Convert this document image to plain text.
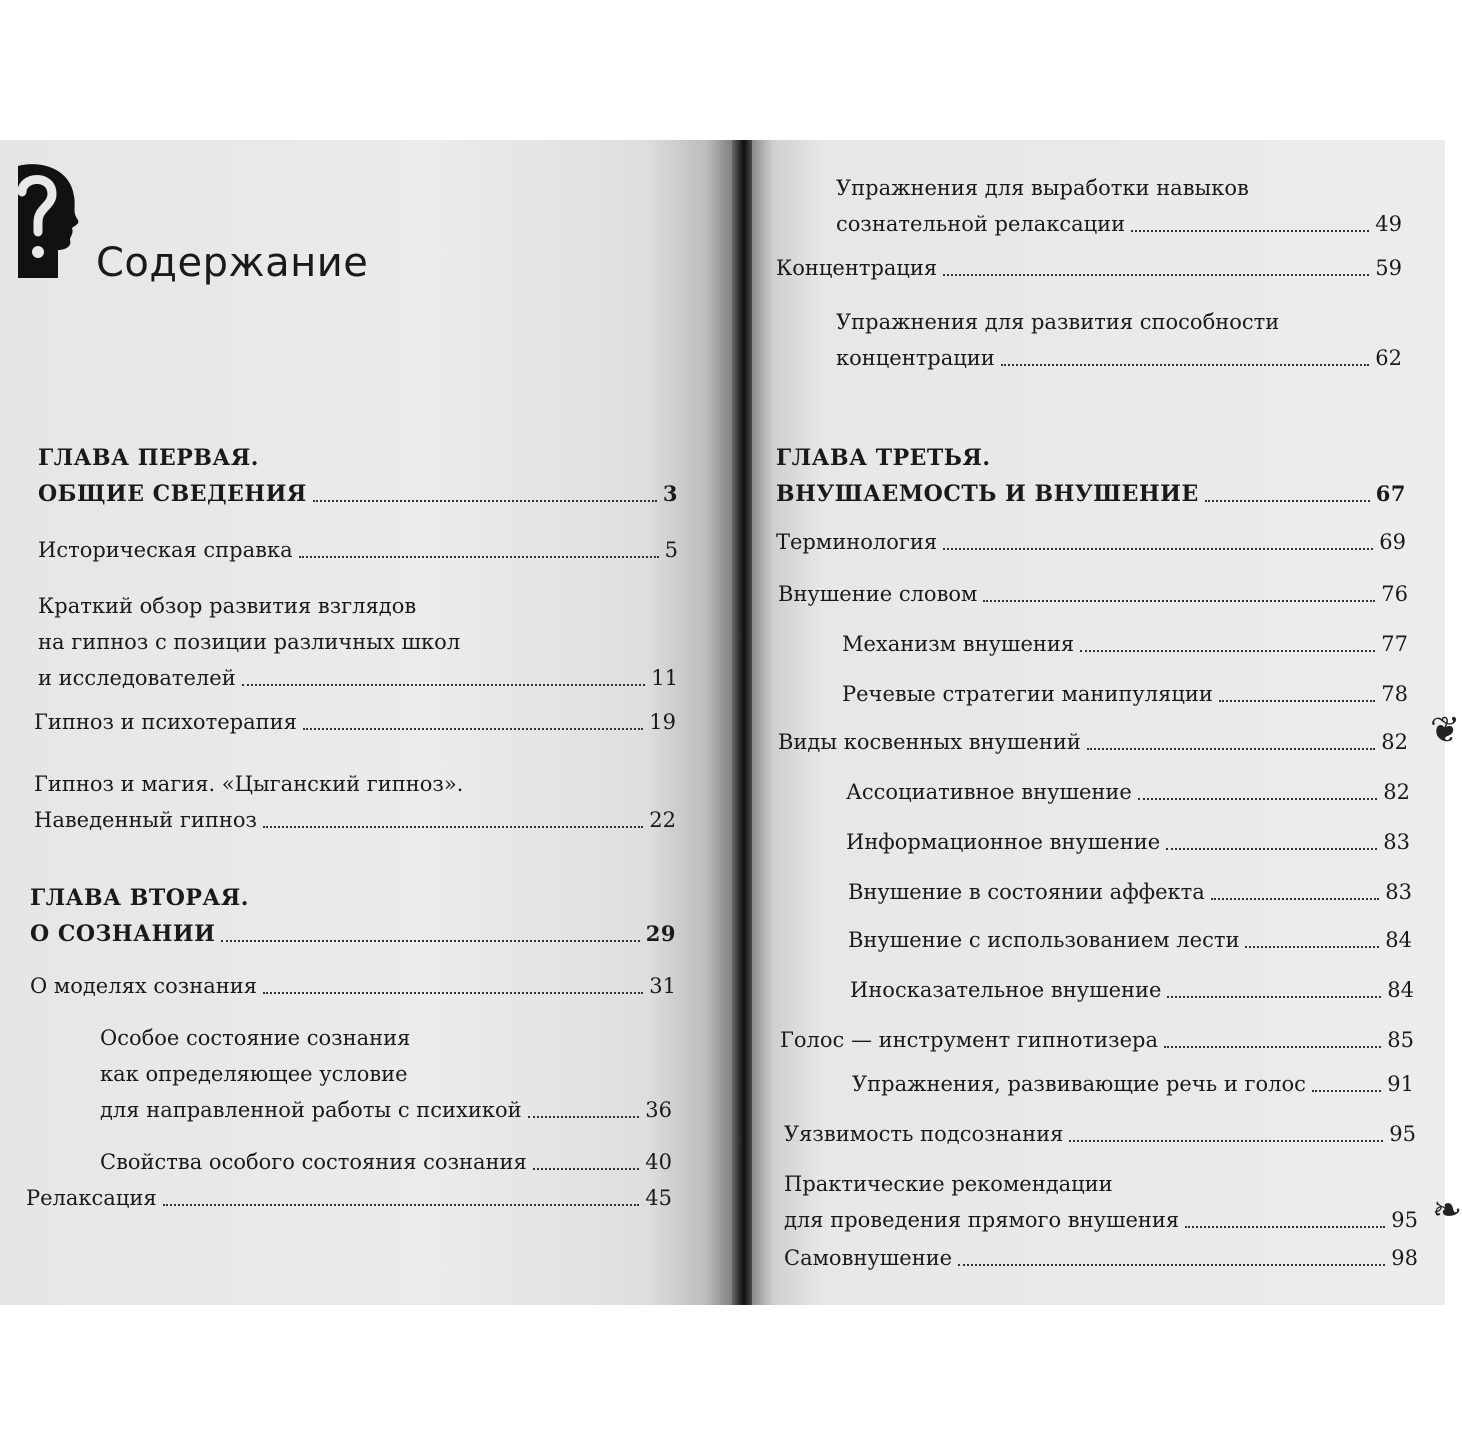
Содержание
ГЛАВА ПЕРВАЯ.
ОБЩИЕ СВЕДЕНИЯ	3
Историческая справка	5
Краткий обзор развития взглядов
на гипноз с позиции различных школ
и исследователей	11
Гипноз и психотерапия	19
Гипноз и магия. «Цыганский гипноз».
Наведенный гипноз	22
ГЛАВА ВТОРАЯ.
О СОЗНАНИИ	29
О моделях сознания	31
Особое состояние сознания
как определяющее условие
для направленной работы с психикой	36
Свойства особого состояния сознания	40
Релаксация	45
Упражнения для выработки навыков
сознательной релаксации	49
Концентрация	59
Упражнения для развития способности
концентрации	62
ГЛАВА ТРЕТЬЯ.
ВНУШАЕМОСТЬ И ВНУШЕНИЕ	67
Терминология	69
Внушение словом	76
Механизм внушения	77
Речевые стратегии манипуляции	78
Виды косвенных внушений	82
Ассоциативное внушение	82
Информационное внушение	83
Внушение в состоянии аффекта	83
Внушение с использованием лести	84
Иносказательное внушение	84
Голос — инструмент гипнотизера	85
Упражнения, развивающие речь и голос	91
Уязвимость подсознания	95
Практические рекомендации
для проведения прямого внушения	95
Самовнушение	98
❦
❧
